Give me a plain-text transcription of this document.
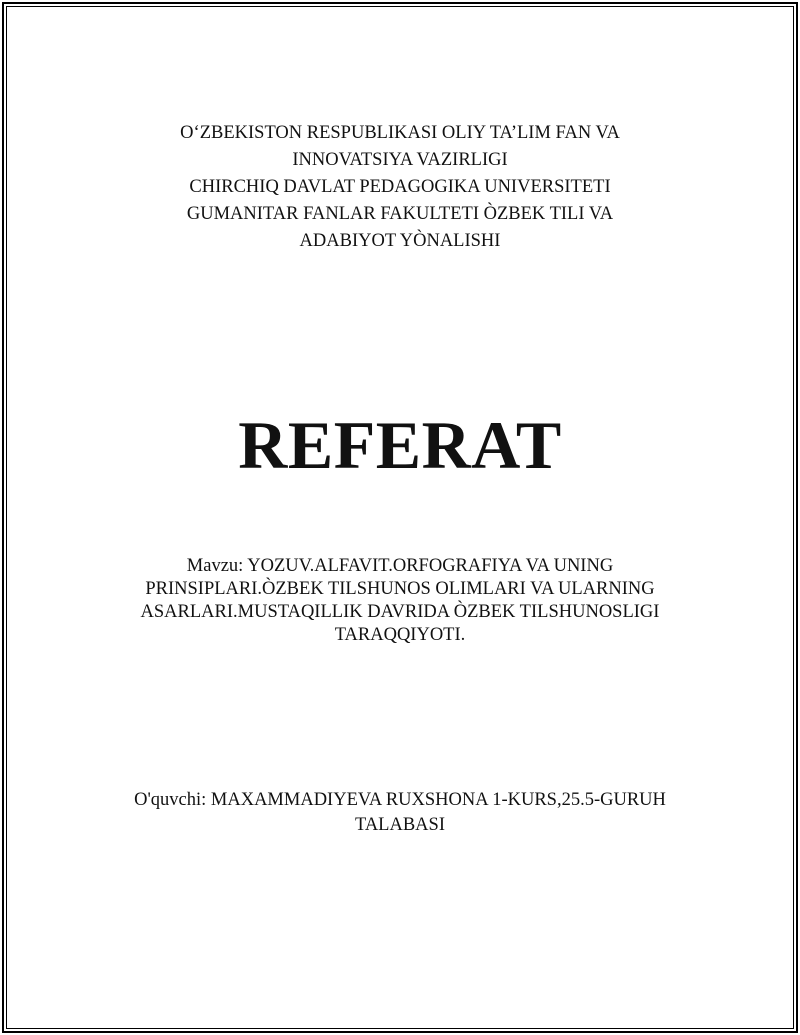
O‘ZBEKISTON RESPUBLIKASI OLIY TA’LIM FAN VA
INNOVATSIYA VAZIRLIGI
CHIRCHIQ DAVLAT PEDAGOGIKA UNIVERSITETI
GUMANITAR FANLAR FAKULTETI ÒZBEK TILI VA
ADABIYOT YÒNALISHI
REFERAT
Mavzu: YOZUV.ALFAVIT.ORFOGRAFIYA VA UNING
PRINSIPLARI.ÒZBEK TILSHUNOS OLIMLARI VA ULARNING
ASARLARI.MUSTAQILLIK DAVRIDA ÒZBEK TILSHUNOSLIGI
TARAQQIYOTI.
O'quvchi: MAXAMMADIYEVA RUXSHONA 1-KURS,25.5-GURUH
TALABASI
